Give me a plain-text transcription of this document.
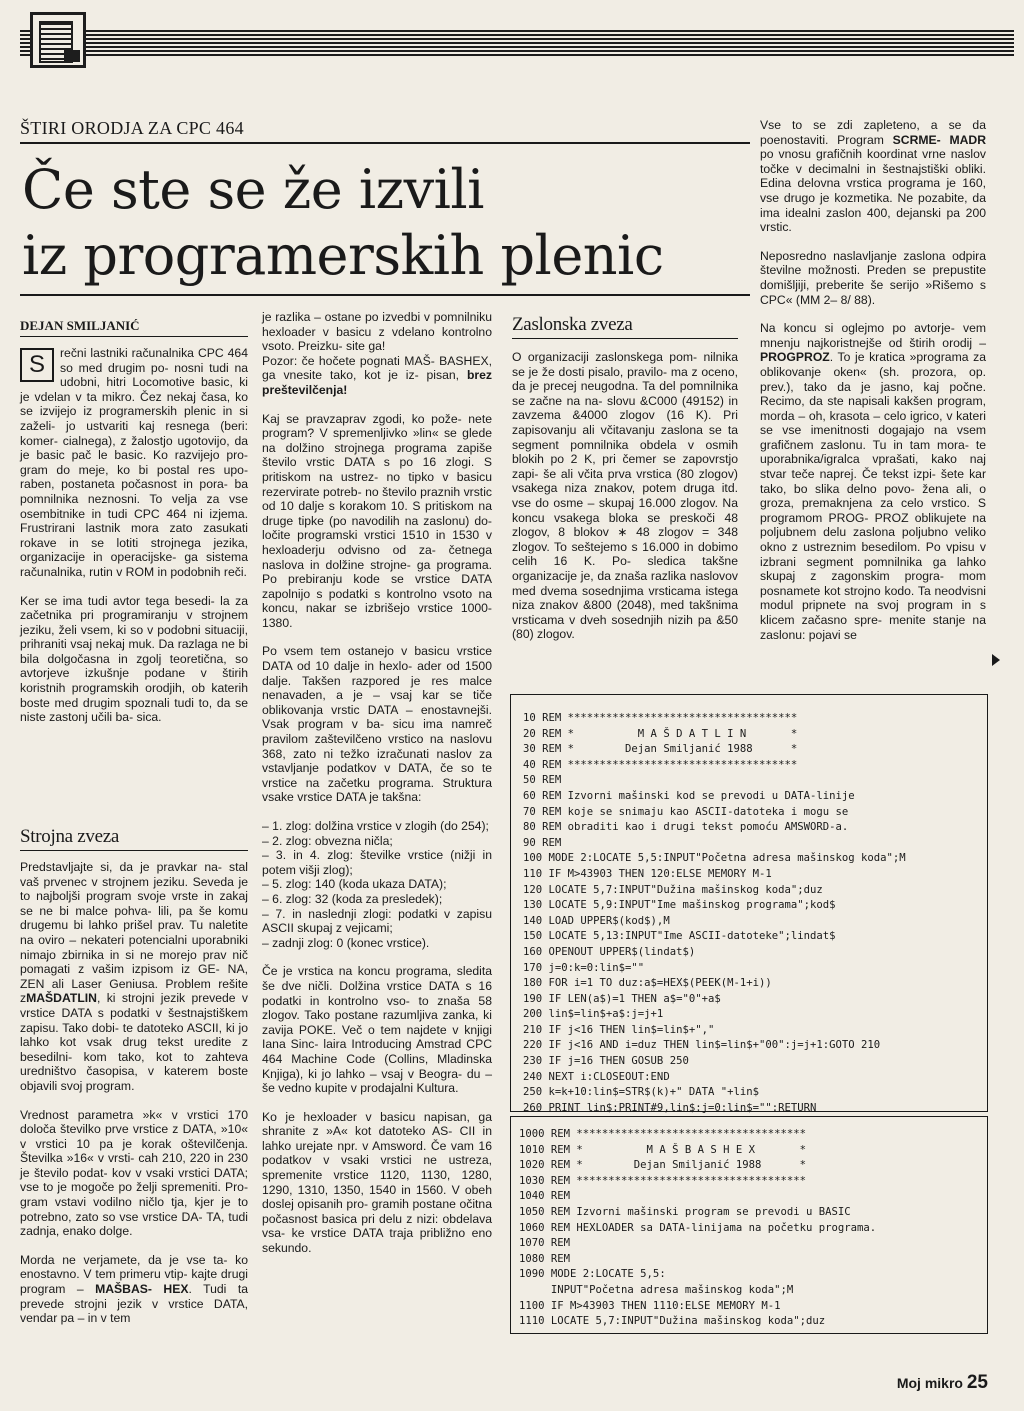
ŠTIRI ORODJA ZA CPC 464
Če ste se že izvili
iz programerskih plenic
DEJAN SMILJANIĆ

S	rečni lastniki računalnika CPC 464 so med drugim po- nosni tudi na udobni, hitri Locomotive basic, ki je vdelan v ta mikro. Čez nekaj časa, ko se izvijejo iz programerskih plenic in si zaželi- jo ustvariti kaj resnega (beri: komer- cialnega), z žalostjo ugotovijo, da je basic pač le basic. Ko razvijejo pro- gram do meje, ko bi postal res upo- raben, postaneta počasnost in pora- ba pomnilnika neznosni. To velja za vse osembitnike in tudi CPC 464 ni izjema. Frustrirani lastnik mora zato zasukati rokave in se lotiti strojnega jezika, organizacije in operacijske- ga sistema računalnika, rutin v ROM in podobnih reči.

Ker se ima tudi avtor tega besedi- la za začetnika pri programiranju v strojnem jeziku, želi vsem, ki so v podobni situaciji, prihraniti vsaj nekaj muk. Da razlaga ne bi bila dolgočasna in zgolj teoretična, so avtorjeve izkušnje podane v štirih koristnih programskih orodjih, ob katerih boste med drugim spoznali tudi to, da se niste zastonj učili ba- sica.

Strojna zveza

Predstavljajte si, da je pravkar na- stal vaš prvenec v strojnem jeziku. Seveda je to najboljši program svoje vrste in zakaj se ne bi malce pohva- lili, pa še komu drugemu bi lahko prišel prav. Tu naletite na oviro – nekateri potencialni uporabniki nimajo zbirnika in si ne morejo prav nič pomagati z vašim izpisom iz GE- NA, ZEN ali Laser Geniusa. Problem rešite zMAŠDATLIN, ki strojni jezik prevede v vrstice DATA s podatki v šestnajstiškem zapisu. Tako dobi- te datoteko ASCII, ki jo lahko kot vsak drug tekst uredite z besedilni- kom tako, kot to zahteva uredništvo časopisa, v katerem boste objavili svoj program.

Vrednost parametra »k« v vrstici 170 določa številko prve vrstice z DATA, »10« v vrstici 10 pa je korak oštevilčenja. Številka »16« v vrsti- cah 210, 220 in 230 je število podat- kov v vsaki vrstici DATA; vse to je mogoče po želji spremeniti. Pro- gram vstavi vodilno ničlo tja, kjer je to potrebno, zato so vse vrstice DA- TA, tudi zadnja, enako dolge.

Morda ne verjamete, da je vse ta- ko enostavno. V tem primeru vtip- kajte drugi program – MAŠBAS- HEX. Tudi ta prevede strojni jezik v vrstice DATA, vendar pa – in v tem

je razlika – ostane po izvedbi v pomnilniku hexloader v basicu z vdelano kontrolno vsoto. Preizku- site ga!

Pozor: če hočete pognati MAŠ- BASHEX, ga vnesite tako, kot je iz- pisan, brez preštevilčenja!

Kaj se pravzaprav zgodi, ko pože- nete program? V spremenljivko »lin« se glede na dolžino strojnega programa zapiše število vrstic DATA s po 16 zlogi. S pritiskom na ustrez- no tipko v basicu rezervirate potreb- no število praznih vrstic od 10 dalje s korakom 10. S pritiskom na druge tipke (po navodilih na zaslonu) do- ločite programski vrstici 1510 in 1530 v hexloaderju odvisno od za- četnega naslova in dolžine strojne- ga programa. Po prebiranju kode se vrstice DATA zapolnijo s podatki s kontrolno vsoto na koncu, nakar se izbrišejo vrstice 1000-1380.

Po vsem tem ostanejo v basicu vrstice DATA od 10 dalje in hexlo- ader od 1500 dalje. Takšen razpored je res malce nenavaden, a je – vsaj kar se tiče oblikovanja vrstic DATA – enostavnejši. Vsak program v ba- sicu ima namreč pravilom zaštevilčeno vrstico na naslovu 368, zato ni težko izračunati naslov za vstavljanje podatkov v DATA, če so te vrstice na začetku programa. Struktura vsake vrstice DATA je takšna:

– 1. zlog: dolžina vrstice v zlogih (do 254);

– 2. zlog: obvezna ničla;

– 3. in 4. zlog: številke vrstice (nižji in potem višji zlog);

– 5. zlog: 140 (koda ukaza DATA);

– 6. zlog: 32 (koda za presledek);

– 7. in naslednji zlogi: podatki v zapisu ASCII skupaj z vejicami;

– zadnji zlog: 0 (konec vrstice).

Če je vrstica na koncu programa, sledita še dve ničli. Dolžina vrstice DATA s 16 podatki in kontrolno vso- to znaša 58 zlogov. Tako postane razumljiva zanka, ki zavija POKE. Več o tem najdete v knjigi Iana Sinc- laira Introducing Amstrad CPC 464 Machine Code (Collins, Mladinska Knjiga), ki jo lahko – vsaj v Beogra- du – še vedno kupite v prodajalni Kultura.

Ko je hexloader v basicu napisan, ga shranite z »A« kot datoteko AS- CII in lahko urejate npr. v Amsword. Če vam 16 podatkov v vsaki vrstici ne ustreza, spremenite vrstice 1120, 1130, 1280, 1290, 1310, 1350, 1540 in 1560. V obeh doslej opisanih pro- gramih postane očitna počasnost basica pri delu z nizi: obdelava vsa- ke vrstice DATA traja približno eno sekundo.

Zaslonska zveza

O organizaciji zaslonskega pom- nilnika se je že dosti pisalo, pravilo- ma z oceno, da je precej neugodna. Ta del pomnilnika se začne na na- slovu &C000 (49152) in zavzema &4000 zlogov (16 K). Pri zapisovanju ali včitavanju zaslona se ta segment pomnilnika obdela v osmih blokih po 2 K, pri čemer se zapovrstjo zapi- še ali včita prva vrstica (80 zlogov) vsakega niza znakov, potem druga itd. vse do osme – skupaj 16.000 zlogov. Na koncu vsakega bloka se preskoči 48 zlogov, 8 blokov ∗ 48 zlogov = 348 zlogov. To seštejemo s 16.000 in dobimo celih 16 K. Po- sledica takšne organizacije je, da znaša razlika naslovov med dvema sosednjima vrsticama istega niza znakov &800 (2048), med takšnima vrsticama v dveh sosednjih nizih pa &50 (80) zlogov.

Vse to se zdi zapleteno, a se da poenostaviti. Program SCRME- MADR po vnosu grafičnih koordinat vrne naslov točke v decimalni in šestnajstiški obliki. Edina delovna vrstica programa je 160, vse drugo je kozmetika. Ne pozabite, da ima idealni zaslon 400, dejanski pa 200 vrstic.

Neposredno naslavljanje zaslona odpira številne možnosti. Preden se prepustite domišljiji, preberite še serijo »Rišemo s CPC« (MM 2– 8/ 88).

Na koncu si oglejmo po avtorje- vem mnenju najkoristnejše od štirih orodij – PROGPROZ. To je kratica »programa za oblikovanje oken« (sh. prozora, op. prev.), tako da je jasno, kaj počne. Recimo, da ste napisali kakšen program, morda – oh, krasota – celo igrico, v kateri se vse imenitnosti dogajajo na vsem grafičnem zaslonu. Tu in tam mora- te uporabnika/igralca vprašati, kako naj stvar teče naprej. Če tekst izpi- šete kar tako, bo slika delno povo- žena ali, o groza, premaknjena za celo vrstico. S programom PROG- PROZ oblikujete na poljubnem delu zaslona poljubno veliko okno z ustreznim besedilom. Po vpisu v izbrani segment pomnilnika ga lahko skupaj z zagonskim progra- mom posnamete kot strojno kodo. Ta neodvisni modul pripnete na svoj program in s klicem začasno spre- menite stanje na zaslonu: pojavi se

10 REM ************************************
20 REM *          M A Š D A T L I N       *
30 REM *        Dejan Smiljanić 1988      *
40 REM ************************************
50 REM
60 REM Izvorni mašinski kod se prevodi u DATA-linije
70 REM koje se snimaju kao ASCII-datoteka i mogu se
80 REM obraditi kao i drugi tekst pomoću AMSWORD-a.
90 REM
100 MODE 2:LOCATE 5,5:INPUT"Početna adresa mašinskog koda";M
110 IF M>43903 THEN 120:ELSE MEMORY M-1
120 LOCATE 5,7:INPUT"Dužina mašinskog koda";duz
130 LOCATE 5,9:INPUT"Ime mašinskog programa";kod$
140 LOAD UPPER$(kod$),M
150 LOCATE 5,13:INPUT"Ime ASCII-datoteke";lindat$
160 OPENOUT UPPER$(lindat$)
170 j=0:k=0:lin$=""
180 FOR i=1 TO duz:a$=HEX$(PEEK(M-1+i))
190 IF LEN(a$)=1 THEN a$="0"+a$
200 lin$=lin$+a$:j=j+1
210 IF j<16 THEN lin$=lin$+","
220 IF j<16 AND i=duz THEN lin$=lin$+"00":j=j+1:GOTO 210
230 IF j=16 THEN GOSUB 250
240 NEXT i:CLOSEOUT:END
250 k=k+10:lin$=STR$(k)+" DATA "+lin$
260 PRINT lin$:PRINT#9,lin$:j=0:lin$="":RETURN
1000 REM ************************************
1010 REM *          M A Š B A S H E X       *
1020 REM *        Dejan Smiljanić 1988      *
1030 REM ************************************
1040 REM
1050 REM Izvorni mašinski program se prevodi u BASIC
1060 REM HEXLOADER sa DATA-linijama na početku programa.
1070 REM
1080 REM
1090 MODE 2:LOCATE 5,5:
INPUT"Početna adresa mašinskog koda";M
1100 IF M>43903 THEN 1110:ELSE MEMORY M-1
1110 LOCATE 5,7:INPUT"Dužina mašinskog koda";duz
Moj mikro 25
